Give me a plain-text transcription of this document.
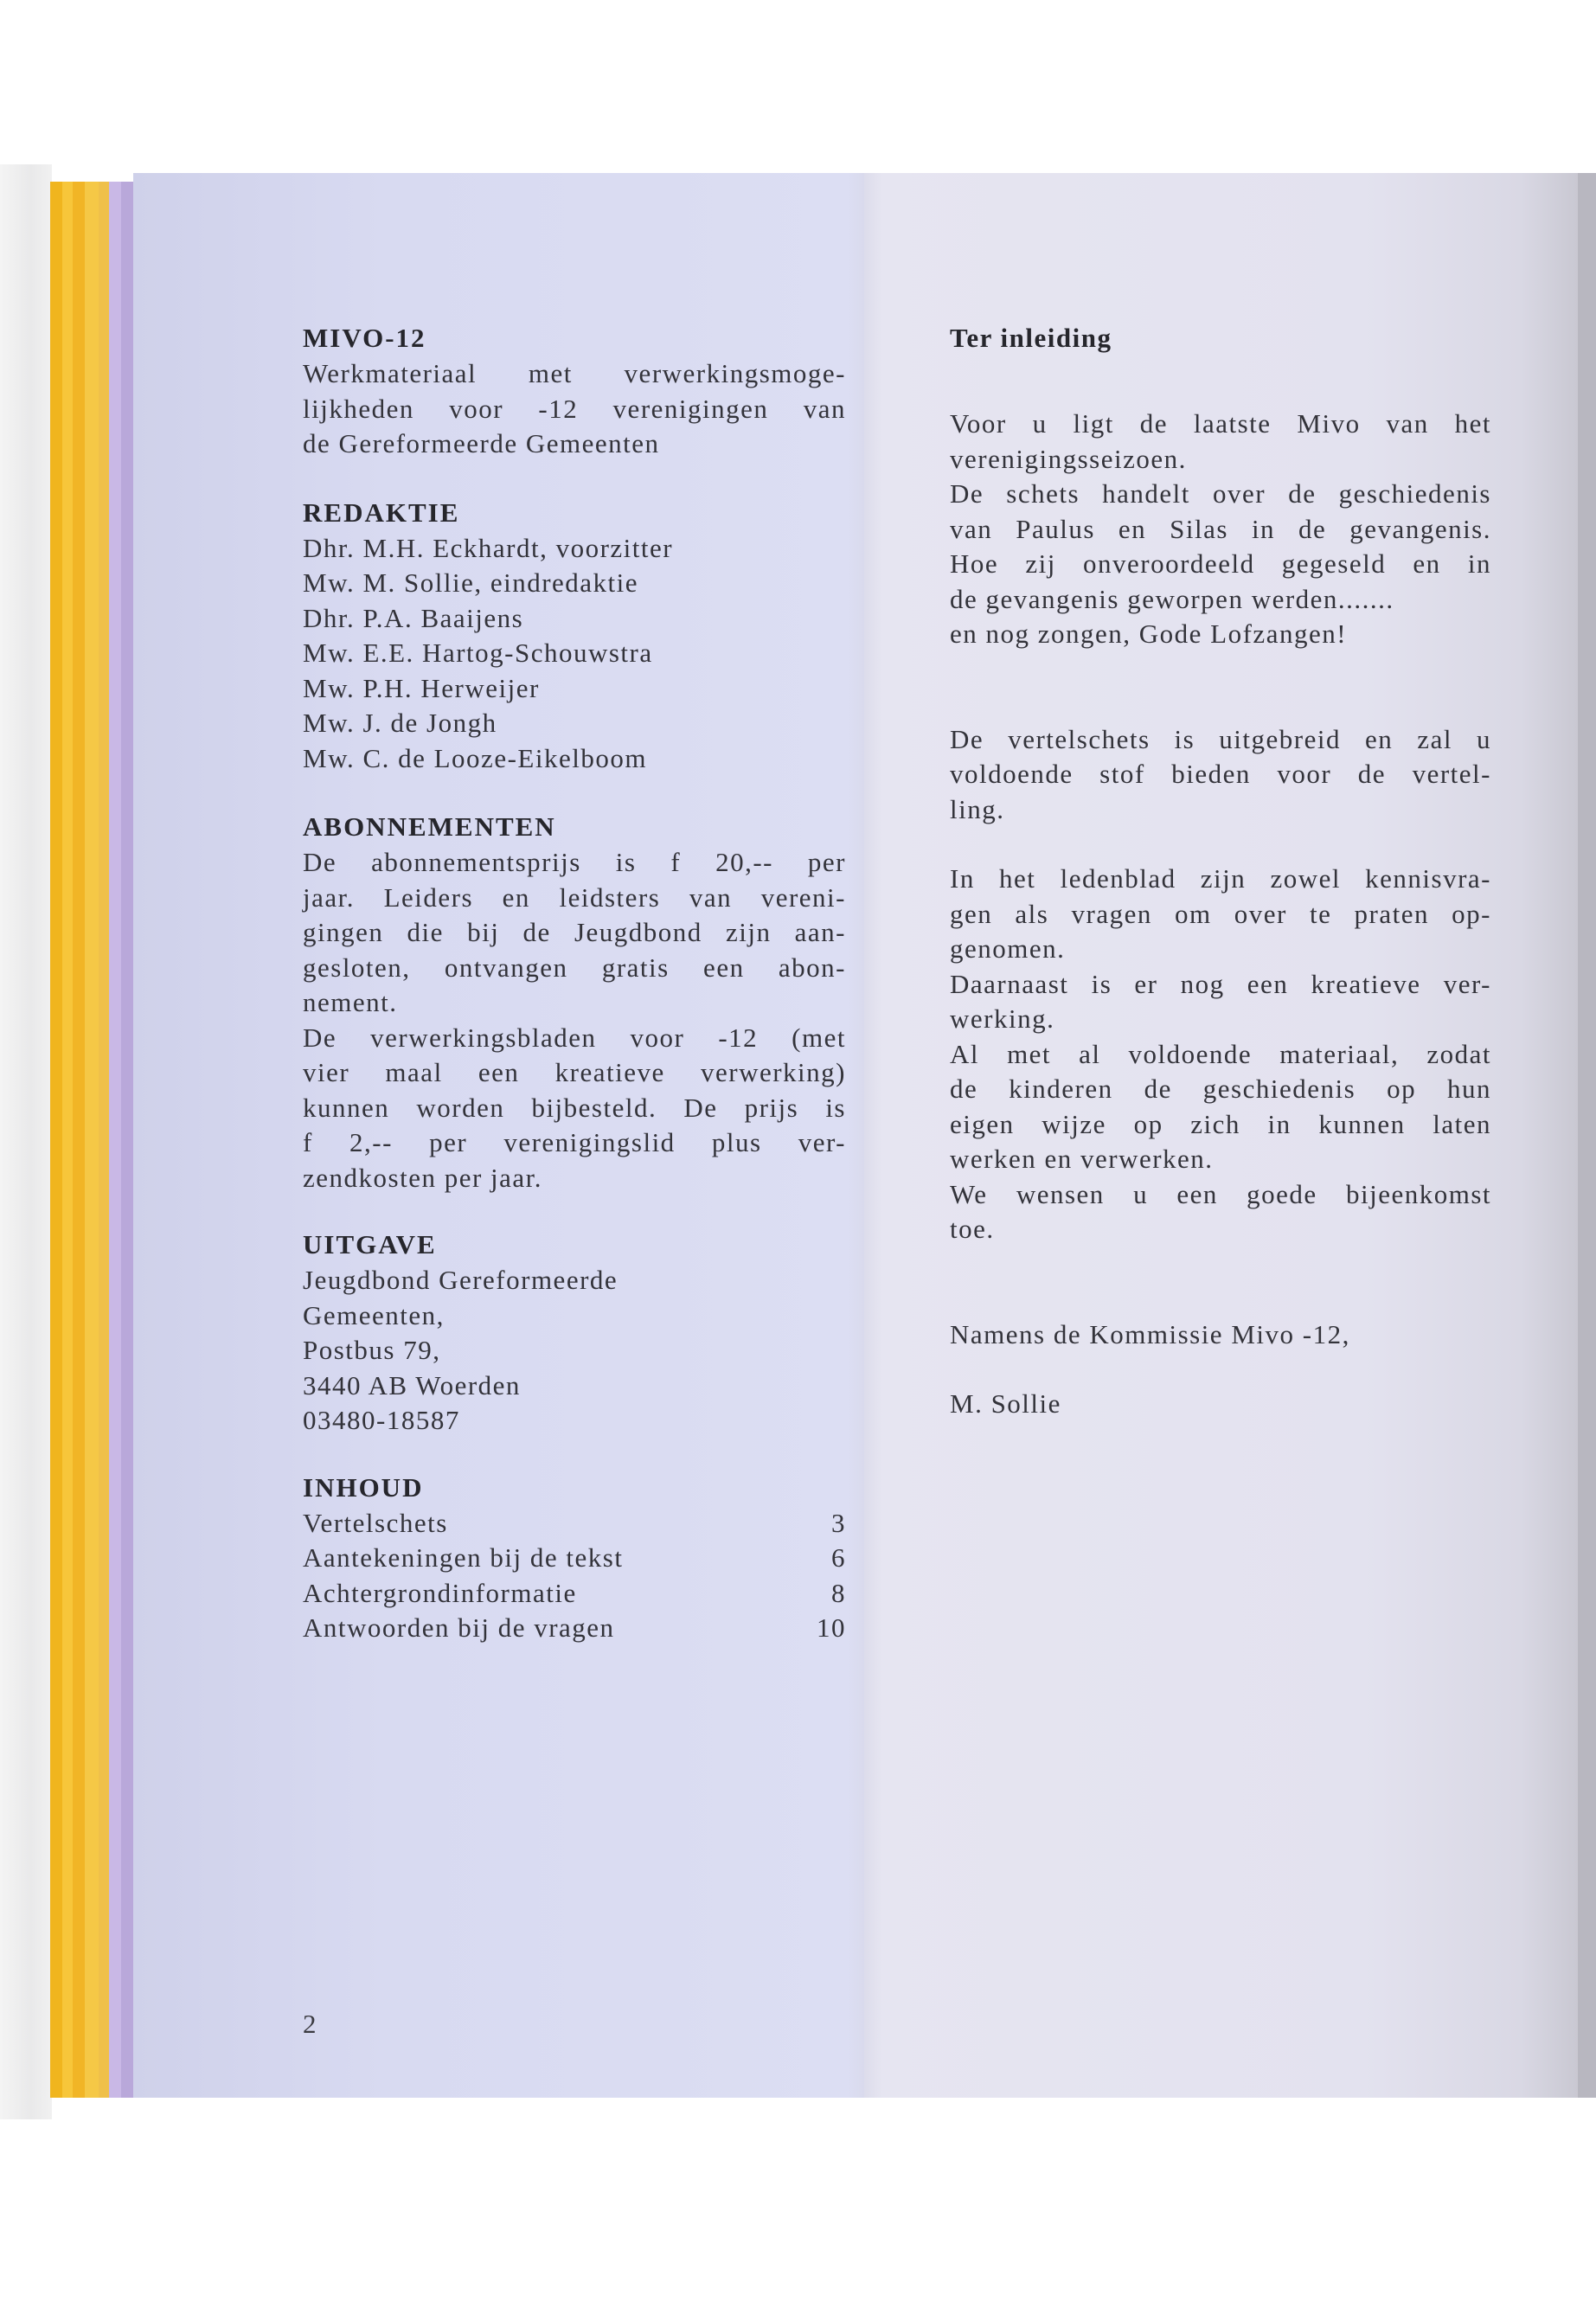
MIVO-12

Werkmateriaal met verwerkingsmoge-

lijkheden voor -12 verenigingen van

de Gereformeerde Gemeenten

REDAKTIE

Dhr. M.H. Eckhardt, voorzitter

Mw. M. Sollie, eindredaktie

Dhr. P.A. Baaijens

Mw. E.E. Hartog-Schouwstra

Mw. P.H. Herweijer

Mw. J. de Jongh

Mw. C. de Looze-Eikelboom

ABONNEMENTEN

De abonnementsprijs is f 20,-- per

jaar. Leiders en leidsters van vereni-

gingen die bij de Jeugdbond zijn aan-

gesloten, ontvangen gratis een abon-

nement.

De verwerkingsbladen voor -12 (met

vier maal een kreatieve verwerking)

kunnen worden bijbesteld. De prijs is

f 2,-- per verenigingslid plus ver-

zendkosten per jaar.

UITGAVE

Jeugdbond Gereformeerde

Gemeenten,

Postbus 79,

3440 AB Woerden

03480-18587

INHOUD

Vertelschets	3
Aantekeningen bij de tekst	6
Achtergrondinformatie	8
Antwoorden bij de vragen	10
2

Ter inleiding

Voor u ligt de laatste Mivo van het

verenigingsseizoen.

De schets handelt over de geschiedenis

van Paulus en Silas in de gevangenis.

Hoe zij onveroordeeld gegeseld en in

de gevangenis geworpen werden.......

en nog zongen, Gode Lofzangen!

De vertelschets is uitgebreid en zal u

voldoende stof bieden voor de vertel-

ling.

In het ledenblad zijn zowel kennisvra-

gen als vragen om over te praten op-

genomen.

Daarnaast is er nog een kreatieve ver-

werking.

Al met al voldoende materiaal, zodat

de kinderen de geschiedenis op hun

eigen wijze op zich in kunnen laten

werken en verwerken.

We wensen u een goede bijeenkomst

toe.

Namens de Kommissie Mivo -12,

M. Sollie
